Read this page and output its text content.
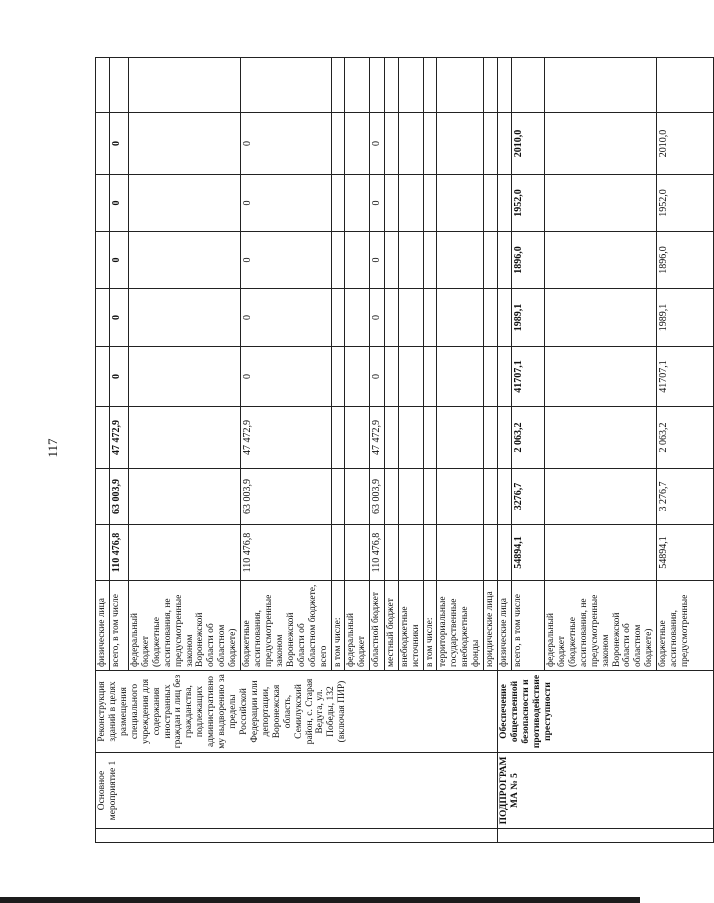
117
	Основное мероприятие 1	Реконструкция зданий в целях размещения специального учреждения для содержания иностранных граждан и лиц без гражданства, подлежащих административному выдворению за пределы Российской Федерации или депортации, Воронежская область, Семилукский район, с. Старая Ведуга, ул. Победы, 132 (включая ПИР)	физические лица										
			всего, в том числе	110 476,8	63 003,9	47 472,9	0	0	0	0	0		
			федеральный бюджет (бюджетные ассигнования, не предусмотренные законом Воронежской области об областном бюджете)										
			бюджетные ассигнования, предусмотренные законом Воронежской области об областном бюджете, всего	110 476,8	63 003,9	47 472,9	0	0	0	0	0		
			в том числе:										
			федеральный бюджет										
			областной бюджет	110 476,8	63 003,9	47 472,9	0	0	0	0	0		
			местный бюджет										
			внебюджетные источники										
			в том числе:										
			территориальные государственные внебюджетные фонды										
			юридические лица										
	ПОДПРОГРАММА № 5	Обеспечение общественной безопасности и противодействие преступности	физические лица										
			всего, в том числе	54894,1	3276,7	2 063,2	41707,1	1989,1	1896,0	1952,0	2010,0		
			федеральный бюджет (бюджетные ассигнования, не предусмотренные законом Воронежской области об областном бюджете)										
			бюджетные ассигнования, предусмотренные	54894,1	3 276,7	2 063,2	41707,1	1989,1	1896,0	1952,0	2010,0		
